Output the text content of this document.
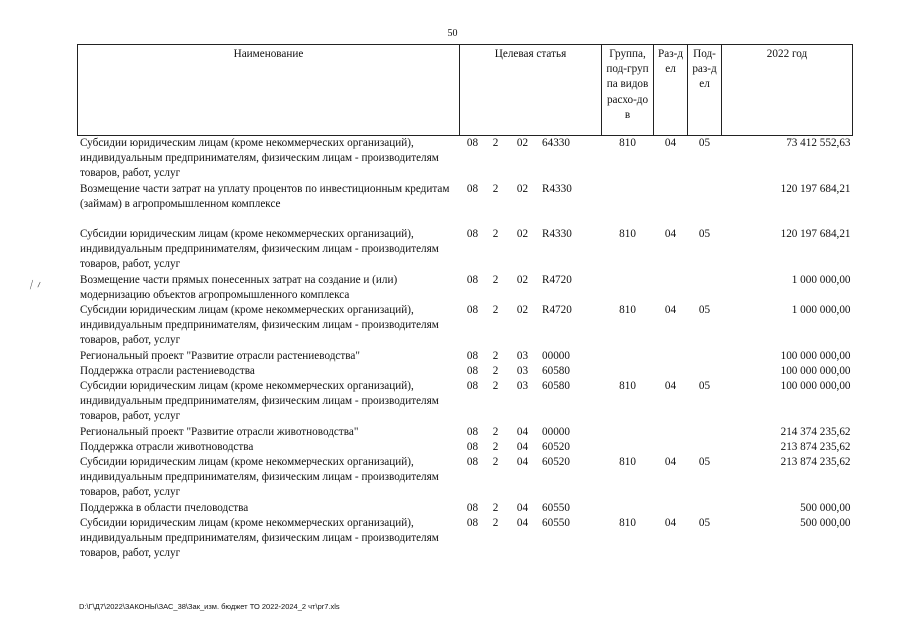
50
Наименование	Целевая статья				Группа, под-группа видов расхо-дов	Раз-дел	Под-раз-дел	2022 год
Субсидии юридическим лицам (кроме некоммерческих организаций), индивидуальным предпринимателям, физическим лицам - производителям товаров, работ, услуг	08	2	02	64330	810	04	05	73 412 552,63
Возмещение части затрат на уплату процентов по инвестиционным кредитам (займам) в агропромышленном комплексе	08	2	02	R4330				120 197 684,21
Субсидии юридическим лицам (кроме некоммерческих организаций), индивидуальным предпринимателям, физическим лицам - производителям товаров, работ, услуг	08	2	02	R4330	810	04	05	120 197 684,21
Возмещение части прямых понесенных затрат на создание и (или) модернизацию объектов агропромышленного комплекса	08	2	02	R4720				1 000 000,00
Субсидии юридическим лицам (кроме некоммерческих организаций), индивидуальным предпринимателям, физическим лицам - производителям товаров, работ, услуг	08	2	02	R4720	810	04	05	1 000 000,00
Региональный проект "Развитие отрасли растениеводства"	08	2	03	00000				100 000 000,00
Поддержка отрасли растениеводства	08	2	03	60580				100 000 000,00
Субсидии юридическим лицам (кроме некоммерческих организаций), индивидуальным предпринимателям, физическим лицам - производителям товаров, работ, услуг	08	2	03	60580	810	04	05	100 000 000,00
Региональный проект "Развитие отрасли животноводства"	08	2	04	00000				214 374 235,62
Поддержка отрасли животноводства	08	2	04	60520				213 874 235,62
Субсидии юридическим лицам (кроме некоммерческих организаций), индивидуальным предпринимателям, физическим лицам - производителям товаров, работ, услуг	08	2	04	60520	810	04	05	213 874 235,62
Поддержка в области пчеловодства	08	2	04	60550				500 000,00
Субсидии юридическим лицам (кроме некоммерческих организаций), индивидуальным предпринимателям, физическим лицам - производителям товаров, работ, услуг	08	2	04	60550	810	04	05	500 000,00
⁄ ⸝
D:\Г\Д7\2022\ЗАКОНЫ\ЗАС_38\Зак_изм. бюджет ТО 2022-2024_2 чт\pr7.xls
